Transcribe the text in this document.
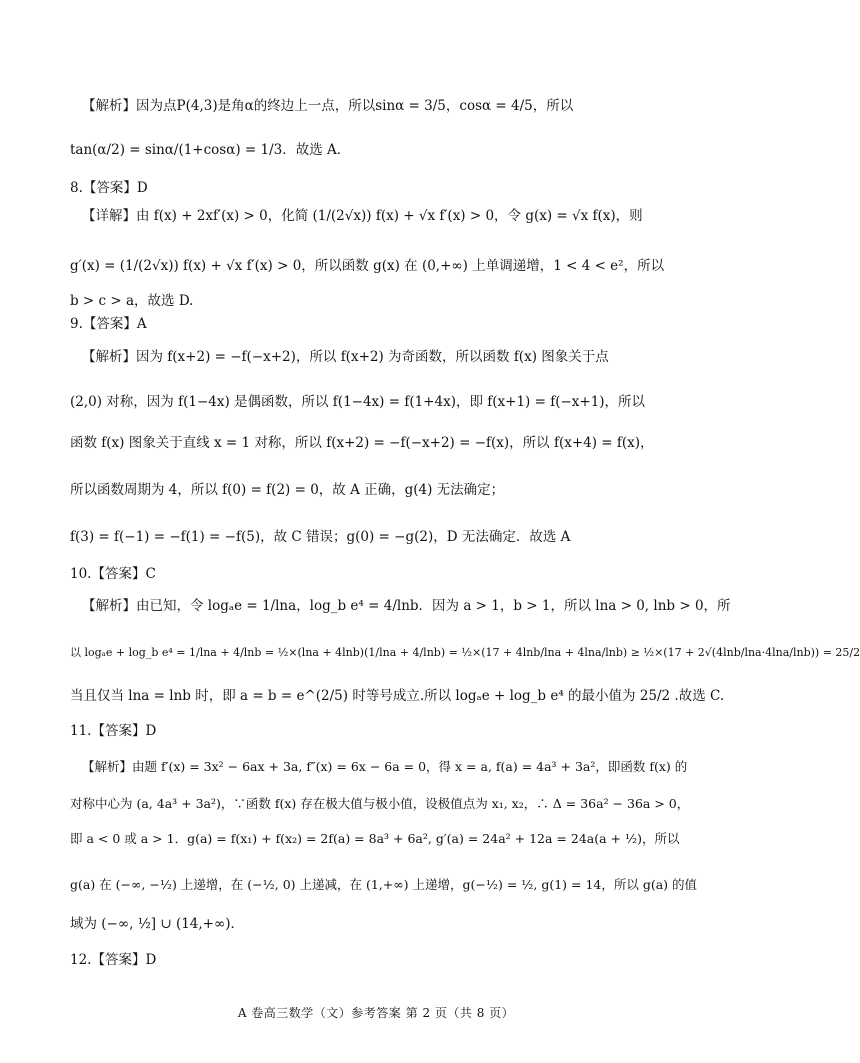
【解析】因为点P(4,3)是角α的终边上一点，所以sinα = 3/5，cosα = 4/5，所以
tan(α/2) = sinα/(1+cosα) = 1/3．故选 A．
8.【答案】D
【详解】由 f(x) + 2xf′(x) > 0，化简 (1/(2√x)) f(x) + √x f′(x) > 0，令 g(x) = √x f(x)，则
g′(x) = (1/(2√x)) f(x) + √x f′(x) > 0，所以函数 g(x) 在 (0,+∞) 上单调递增，1 < 4 < e²，所以
b > c > a，故选 D.
9.【答案】A
【解析】因为 f(x+2) = −f(−x+2)，所以 f(x+2) 为奇函数，所以函数 f(x) 图象关于点
(2,0) 对称，因为 f(1−4x) 是偶函数，所以 f(1−4x) = f(1+4x)，即 f(x+1) = f(−x+1)，所以
函数 f(x) 图象关于直线 x = 1 对称，所以 f(x+2) = −f(−x+2) = −f(x)，所以 f(x+4) = f(x)，
所以函数周期为 4，所以 f(0) = f(2) = 0，故 A 正确，g(4) 无法确定；
f(3) = f(−1) = −f(1) = −f(5)，故 C 错误；g(0) = −g(2)，D 无法确定．故选 A
10.【答案】C
【解析】由已知，令 logₐe = 1/lna，log_b e⁴ = 4/lnb．因为 a > 1，b > 1，所以 lna > 0, lnb > 0，所
以 logₐe + log_b e⁴ = 1/lna + 4/lnb = ½×(lna + 4lnb)(1/lna + 4/lnb) = ½×(17 + 4lnb/lna + 4lna/lnb) ≥ ½×(17 + 2√(4lnb/lna·4lna/lnb)) = 25/2
当且仅当 lna = lnb 时，即 a = b = e^(2/5) 时等号成立.所以 logₐe + log_b e⁴ 的最小值为 25/2 .故选 C.
11.【答案】D
【解析】由题 f′(x) = 3x² − 6ax + 3a, f″(x) = 6x − 6a = 0，得 x = a, f(a) = 4a³ + 3a²，即函数 f(x) 的
对称中心为 (a, 4a³ + 3a²)，∵函数 f(x) 存在极大值与极小值，设极值点为 x₁, x₂，∴ Δ = 36a² − 36a > 0，
即 a < 0 或 a > 1．g(a) = f(x₁) + f(x₂) = 2f(a) = 8a³ + 6a², g′(a) = 24a² + 12a = 24a(a + ½)，所以
g(a) 在 (−∞, −½) 上递增，在 (−½, 0) 上递减，在 (1,+∞) 上递增，g(−½) = ½, g(1) = 14，所以 g(a) 的值
域为 (−∞, ½] ∪ (14,+∞)．
12.【答案】D
A 卷高三数学（文）参考答案 第 2 页（共 8 页）
